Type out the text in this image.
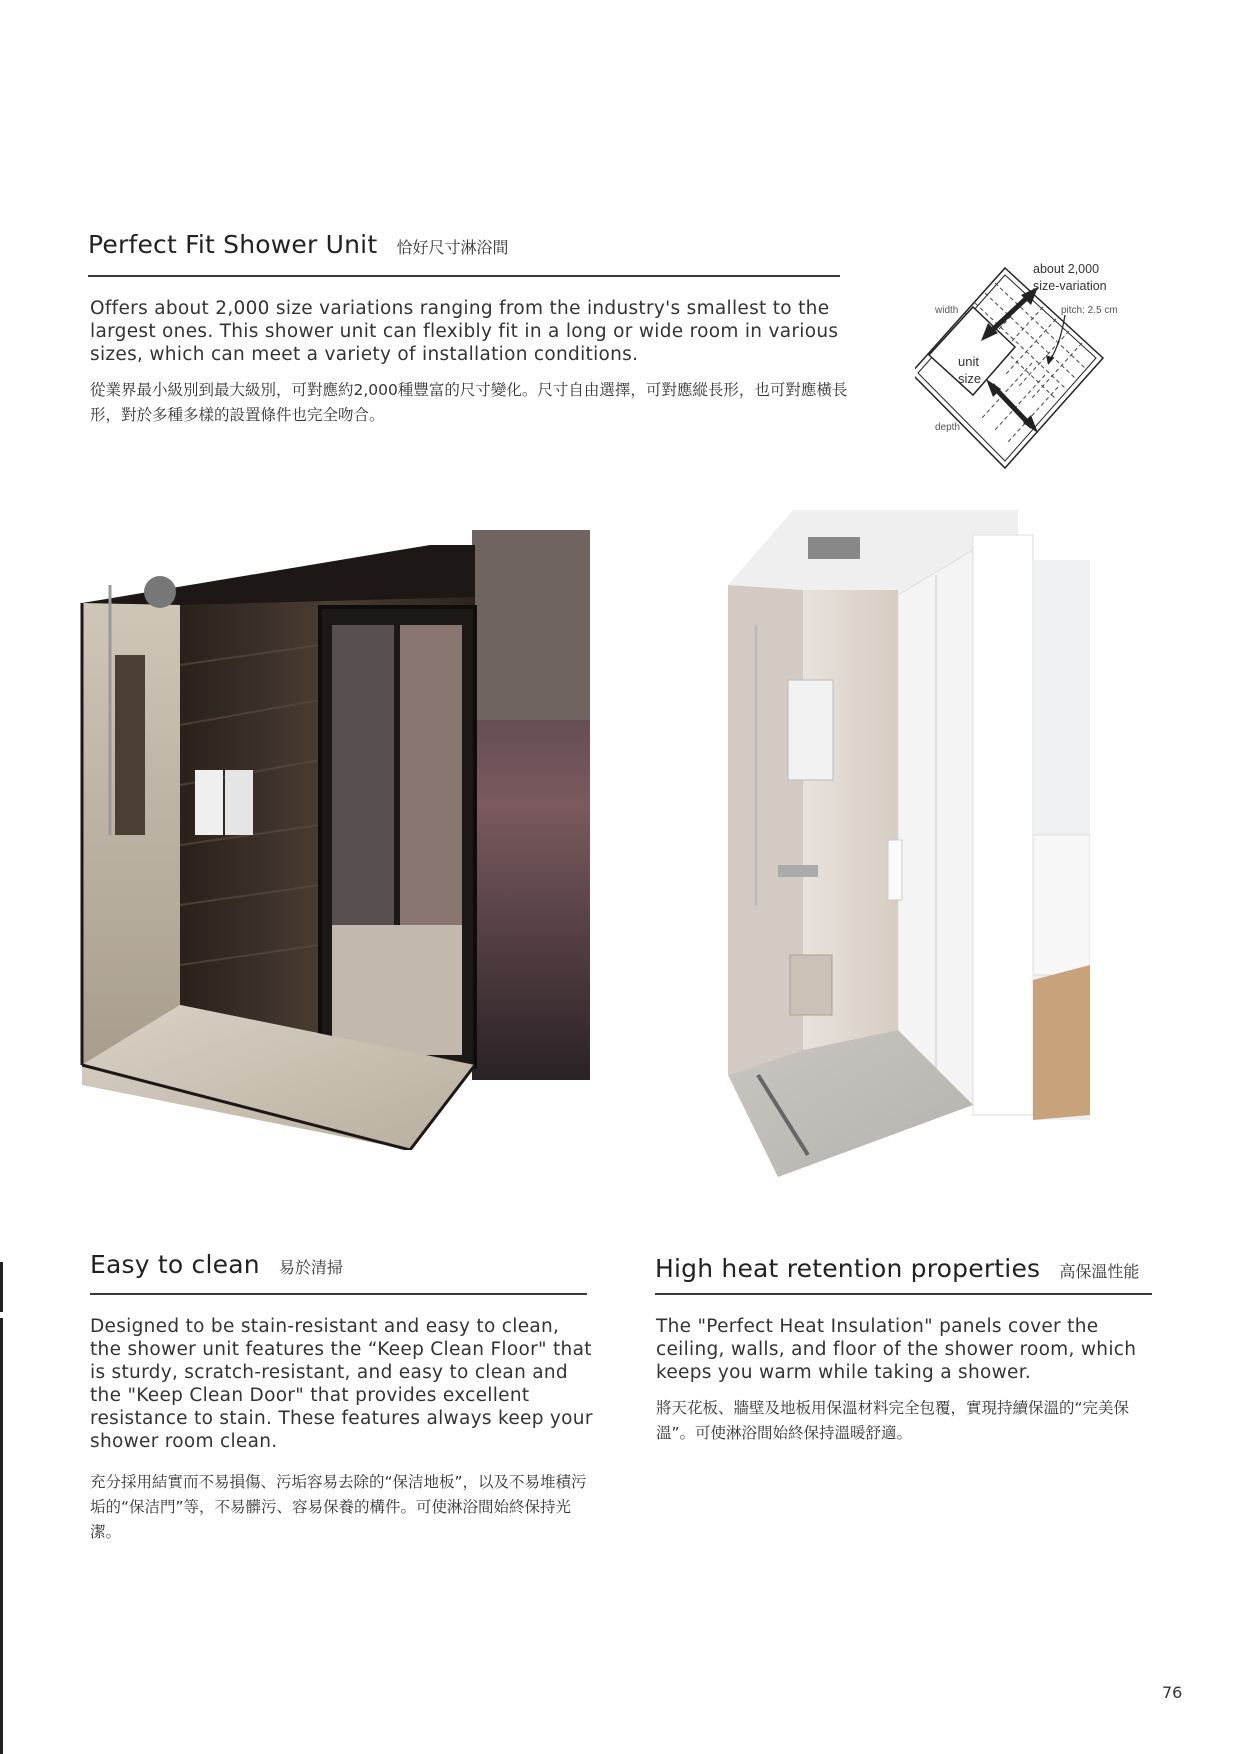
Perfect Fit Shower Unit 恰好尺寸淋浴間
Offers about 2,000 size variations ranging from the industry's smallest to the largest ones. This shower unit can flexibly fit in a long or wide room in various sizes, which can meet a variety of installation conditions.
從業界最小級別到最大級別，可對應約2,000種豐富的尺寸變化。尺寸自由選擇，可對應縱長形，也可對應橫長形，對於多種多樣的設置條件也完全吻合。
about 2,000
size-variation
pitch: 2.5 cm
width
unit
size
depth
Easy to clean 易於清掃
Designed to be stain-resistant and easy to clean, the shower unit features the “Keep Clean Floor" that is sturdy, scratch-resistant, and easy to clean and the "Keep Clean Door" that provides excellent resistance to stain. These features always keep your shower room clean.
充分採用結實而不易損傷、污垢容易去除的“保洁地板”，以及不易堆積污垢的“保洁門”等，不易髒污、容易保養的構件。可使淋浴間始終保持光潔。
High heat retention properties 高保溫性能
The "Perfect Heat Insulation" panels cover the ceiling, walls, and floor of the shower room, which keeps you warm while taking a shower.
將天花板、牆壁及地板用保溫材料完全包覆，實現持續保溫的“完美保溫”。可使淋浴間始終保持溫暖舒適。
76
